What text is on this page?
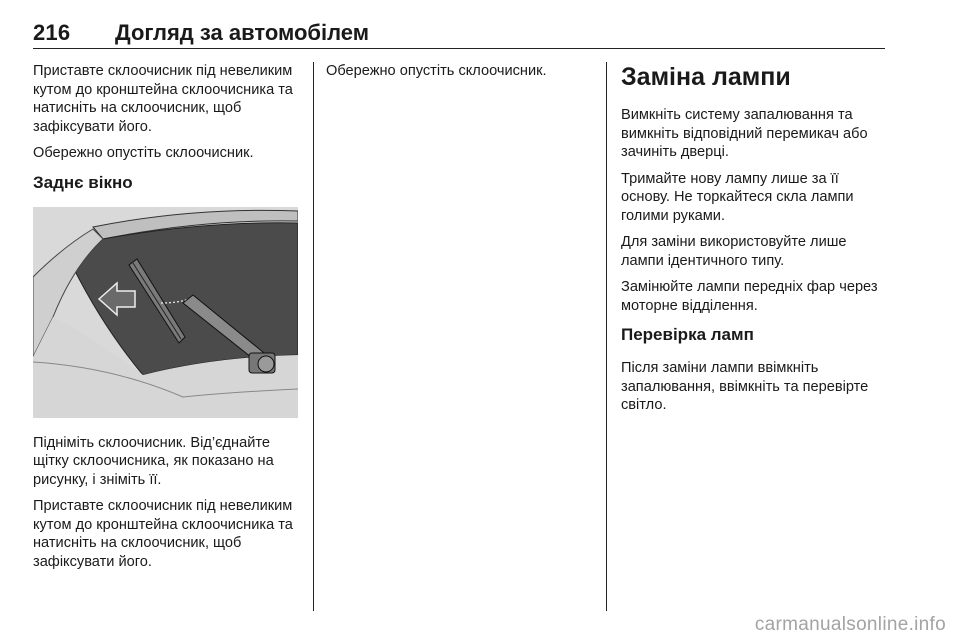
216 Догляд за автомобілем

Приставте склоочисник під невеликим кутом до кронштейна склоочисника та натисніть на склоочисник, щоб зафіксувати його.

Обережно опустіть склоочисник.

Заднє вікно

Підніміть склоочисник. Від’єднайте щітку склоочисника, як показано на рисунку, і зніміть її.

Приставте склоочисник під невеликим кутом до кронштейна склоочисника та натисніть на склоочисник, щоб зафіксувати його.

Обережно опустіть склоочисник.	Заміна лампи

Вимкніть систему запалювання та вимкніть відповідний перемикач або зачиніть дверці.

Тримайте нову лампу лише за її основу. Не торкайтеся скла лампи голими руками.

Для заміни використовуйте лише лампи ідентичного типу.

Замінюйте лампи передніх фар через моторне відділення.

Перевірка ламп

Після заміни лампи ввімкніть запалювання, ввімкніть та перевірте світло.

carmanualsonline.info
